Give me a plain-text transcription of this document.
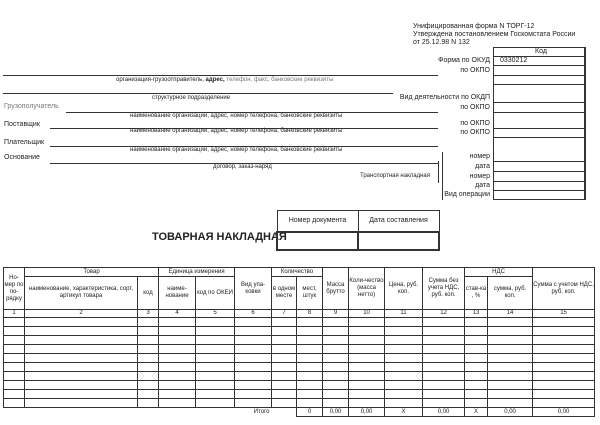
Унифицированная форма N ТОРГ-12
Утверждена постановлением Госкомстата России
от 25.12.98 N 132
Код
Форма по ОКУД 0330212
по ОКПО
Вид деятельности по ОКДП
по ОКПО
по ОКПО
по ОКПО
номер
дата
номер
дата
Вид операции
организация-грузоотправитель, адрес, телефон, факс, банковские реквизиты
структурное подразделение
Грузополучатель
наименование организации, адрес, номер телефона, банковские реквизиты
Поставщик
наименование организации, адрес, номер телефона, банковские реквизиты
Плательщик
наименование организации, адрес, номер телефона, банковские реквизиты
Основание
договор, заказ-наряд
Транспортная накладная
ТОВАРНАЯ НАКЛАДНАЯ
Номер документа	Дата составления

Но-мер по по-рядку	Товар		Единица измерения		Вид упа-ковки	Количество		Масса брутто	Коли-чество (масса нетто)	Цена, руб. коп.	Сумма без учета НДС, руб. коп.	НДС		Сумма с учетом НДС, руб. коп.
	наименование, характеристика, сорт, артикул товара	код	наиме-нование	код по ОКЕИ		в одном месте	мест, штук					став-ка , %	сумма, руб. коп.	
1	2	3	4	5	6	7	8	9	10	11	12	13	14	15

Итого							0	0,00	0,00	X	0,00	X	0,00	0,00
